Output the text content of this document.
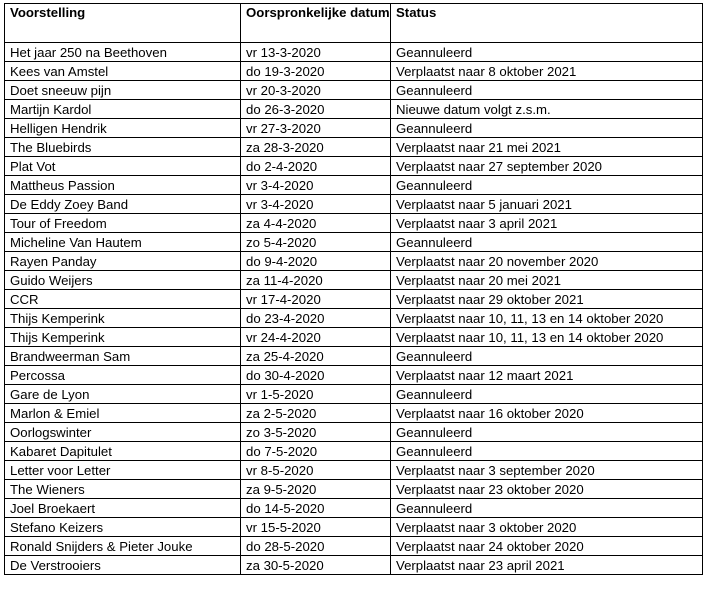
Voorstelling	Oorspronkelijke datum	Status
Het jaar 250 na Beethoven	vr 13-3-2020	Geannuleerd
Kees van Amstel	do 19-3-2020	Verplaatst naar 8 oktober 2021
Doet sneeuw pijn	vr 20-3-2020	Geannuleerd
Martijn Kardol	do 26-3-2020	Nieuwe datum volgt z.s.m.
Helligen Hendrik	vr 27-3-2020	Geannuleerd
The Bluebirds	za 28-3-2020	Verplaatst naar 21 mei 2021
Plat Vot	do 2-4-2020	Verplaatst naar 27 september 2020
Mattheus Passion	vr 3-4-2020	Geannuleerd
De Eddy Zoey Band	vr 3-4-2020	Verplaatst naar 5 januari 2021
Tour of Freedom	za 4-4-2020	Verplaatst naar 3 april 2021
Micheline Van Hautem	zo 5-4-2020	Geannuleerd
Rayen Panday	do 9-4-2020	Verplaatst naar 20 november 2020
Guido Weijers	za 11-4-2020	Verplaatst naar 20 mei 2021
CCR	vr 17-4-2020	Verplaatst naar 29 oktober 2021
Thijs Kemperink	do 23-4-2020	Verplaatst naar 10, 11, 13 en 14 oktober 2020
Thijs Kemperink	vr 24-4-2020	Verplaatst naar 10, 11, 13 en 14 oktober 2020
Brandweerman Sam	za 25-4-2020	Geannuleerd
Percossa	do 30-4-2020	Verplaatst naar 12 maart 2021
Gare de Lyon	vr 1-5-2020	Geannuleerd
Marlon & Emiel	za 2-5-2020	Verplaatst naar 16 oktober 2020
Oorlogswinter	zo 3-5-2020	Geannuleerd
Kabaret Dapitulet	do 7-5-2020	Geannuleerd
Letter voor Letter	vr 8-5-2020	Verplaatst naar 3 september 2020
The Wieners	za 9-5-2020	Verplaatst naar 23 oktober 2020
Joel Broekaert	do 14-5-2020	Geannuleerd
Stefano Keizers	vr 15-5-2020	Verplaatst naar 3 oktober 2020
Ronald Snijders & Pieter Jouke	do 28-5-2020	Verplaatst naar 24 oktober 2020
De Verstrooiers	za 30-5-2020	Verplaatst naar 23 april 2021
